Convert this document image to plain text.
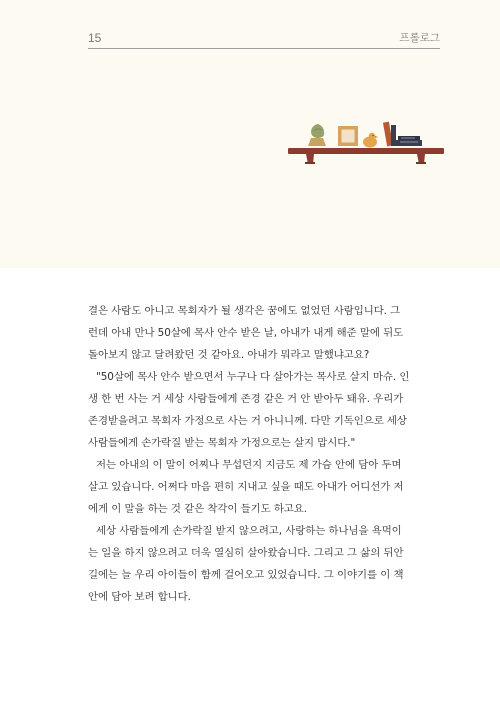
15	프롤로그
결은 사람도 아니고 목회자가 될 생각은 꿈에도 없었던 사람입니다. 그
런데 아내 만나 50살에 목사 안수 받은 날, 아내가 내게 해준 말에 뒤도
돌아보지 않고 달려왔던 것 같아요. 아내가 뭐라고 말했냐고요?
"50살에 목사 안수 받으면서 누구나 다 살아가는 목사로 살지 마슈. 인
생 한 번 사는 거 세상 사람들에게 존경 같은 거 안 받아두 돼유. 우리가
존경받을려고 목회자 가정으로 사는 거 아니니께. 다만 기독인으로 세상
사람들에게 손가락질 받는 목회자 가정으로는 살지 맙시다."
저는 아내의 이 말이 어찌나 무섭던지 지금도 제 가슴 안에 담아 두며
살고 있습니다. 어쩌다 마음 편히 지내고 싶을 때도 아내가 어디선가 저
에게 이 말을 하는 것 같은 착각이 들기도 하고요.
세상 사람들에게 손가락질 받지 않으려고, 사랑하는 하나님을 욕먹이
는 일을 하지 않으려고 더욱 열심히 살아왔습니다. 그리고 그 삶의 뒤안
길에는 늘 우리 아이들이 함께 걸어오고 있었습니다. 그 이야기를 이 책
안에 담아 보려 합니다.
